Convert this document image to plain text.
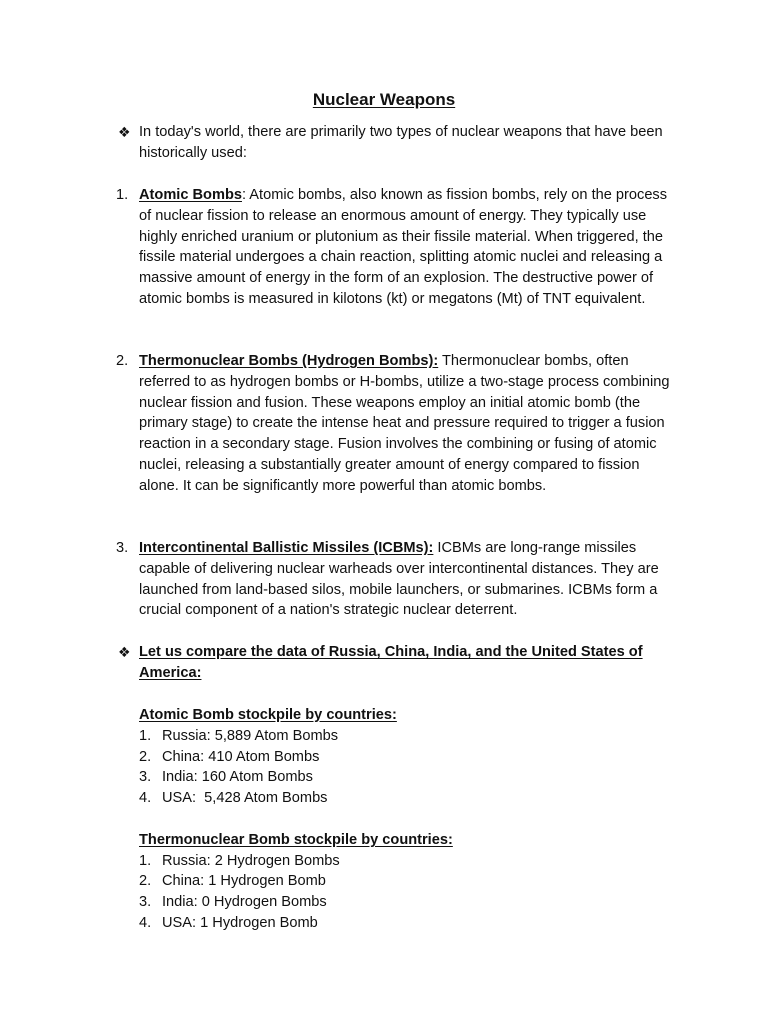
Nuclear Weapons
❖ In today's world, there are primarily two types of nuclear weapons that have been historically used:

1. Atomic Bombs: Atomic bombs, also known as fission bombs, rely on the process of nuclear fission to release an enormous amount of energy. They typically use highly enriched uranium or plutonium as their fissile material. When triggered, the fissile material undergoes a chain reaction, splitting atomic nuclei and releasing a massive amount of energy in the form of an explosion. The destructive power of atomic bombs is measured in kilotons (kt) or megatons (Mt) of TNT equivalent.

2. Thermonuclear Bombs (Hydrogen Bombs): Thermonuclear bombs, often referred to as hydrogen bombs or H-bombs, utilize a two-stage process combining nuclear fission and fusion. These weapons employ an initial atomic bomb (the primary stage) to create the intense heat and pressure required to trigger a fusion reaction in a secondary stage. Fusion involves the combining or fusing of atomic nuclei, releasing a substantially greater amount of energy compared to fission alone. It can be significantly more powerful than atomic bombs.

3. Intercontinental Ballistic Missiles (ICBMs): ICBMs are long-range missiles capable of delivering nuclear warheads over intercontinental distances. They are launched from land-based silos, mobile launchers, or submarines. ICBMs form a crucial component of a nation's strategic nuclear deterrent.

❖ Let us compare the data of Russia, China, India, and the United States of America:

Atomic Bomb stockpile by countries:

1. Russia: 5,889 Atom Bombs
2. China: 410 Atom Bombs
3. India: 160 Atom Bombs
4. USA:  5,428 Atom Bombs

Thermonuclear Bomb stockpile by countries:

1. Russia: 2 Hydrogen Bombs
2. China: 1 Hydrogen Bomb
3. India: 0 Hydrogen Bombs
4. USA: 1 Hydrogen Bomb
